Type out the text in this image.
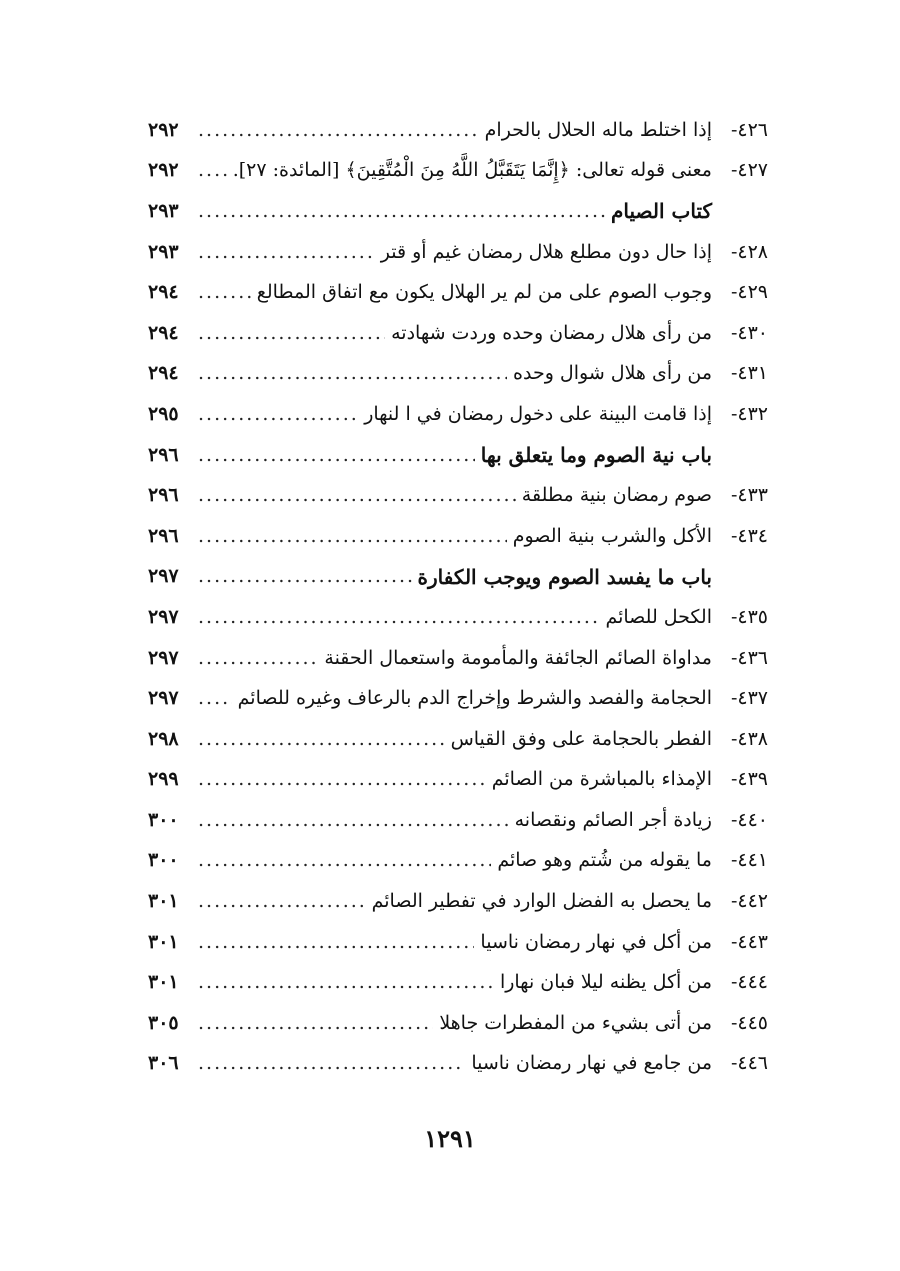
٤٢٦-
إذا اختلط ماله الحلال بالحرام
.....
٢٩٢
٤٢٧-
معنى قوله تعالى: ﴿إِنَّمَا يَتَقَبَّلُ اللَّهُ مِنَ الْمُتَّقِينَ﴾ [المائدة: ٢٧].
.....
٢٩٢
كتاب الصيام
.....
٢٩٣
٤٢٨-
إذا حال دون مطلع هلال رمضان غيم أو قتر
.....
٢٩٣
٤٢٩-
وجوب الصوم على من لم ير الهلال يكون مع اتفاق المطالع
.....
٢٩٤
٤٣٠-
من رأى هلال رمضان وحده وردت شهادته
.....
٢٩٤
٤٣١-
من رأى هلال شوال وحده
.....
٢٩٤
٤٣٢-
إذا قامت البينة على دخول رمضان في ا لنهار
.....
٢٩٥
باب نية الصوم وما يتعلق بها
.....
٢٩٦
٤٣٣-
صوم رمضان بنية مطلقة
.....
٢٩٦
٤٣٤-
الأكل والشرب بنية الصوم
.....
٢٩٦
باب ما يفسد الصوم ويوجب الكفارة
.....
٢٩٧
٤٣٥-
الكحل للصائم
.....
٢٩٧
٤٣٦-
مداواة الصائم الجائفة والمأمومة واستعمال الحقنة
.....
٢٩٧
٤٣٧-
الحجامة والفصد والشرط وإخراج الدم بالرعاف وغيره للصائم
.....
٢٩٧
٤٣٨-
الفطر بالحجامة على وفق القياس
.....
٢٩٨
٤٣٩-
الإمذاء بالمباشرة من الصائم
.....
٢٩٩
٤٤٠-
زيادة أجر الصائم ونقصانه
.....
٣٠٠
٤٤١-
ما يقوله من شُتم وهو صائم
.....
٣٠٠
٤٤٢-
ما يحصل به الفضل الوارد في تفطير الصائم
.....
٣٠١
٤٤٣-
من أكل في نهار رمضان ناسيا
.....
٣٠١
٤٤٤-
من أكل يظنه ليلا فبان نهارا
.....
٣٠١
٤٤٥-
من أتى بشيء من المفطرات جاهلا
.....
٣٠٥
٤٤٦-
من جامع في نهار رمضان ناسيا
.....
٣٠٦
١٢٩١
